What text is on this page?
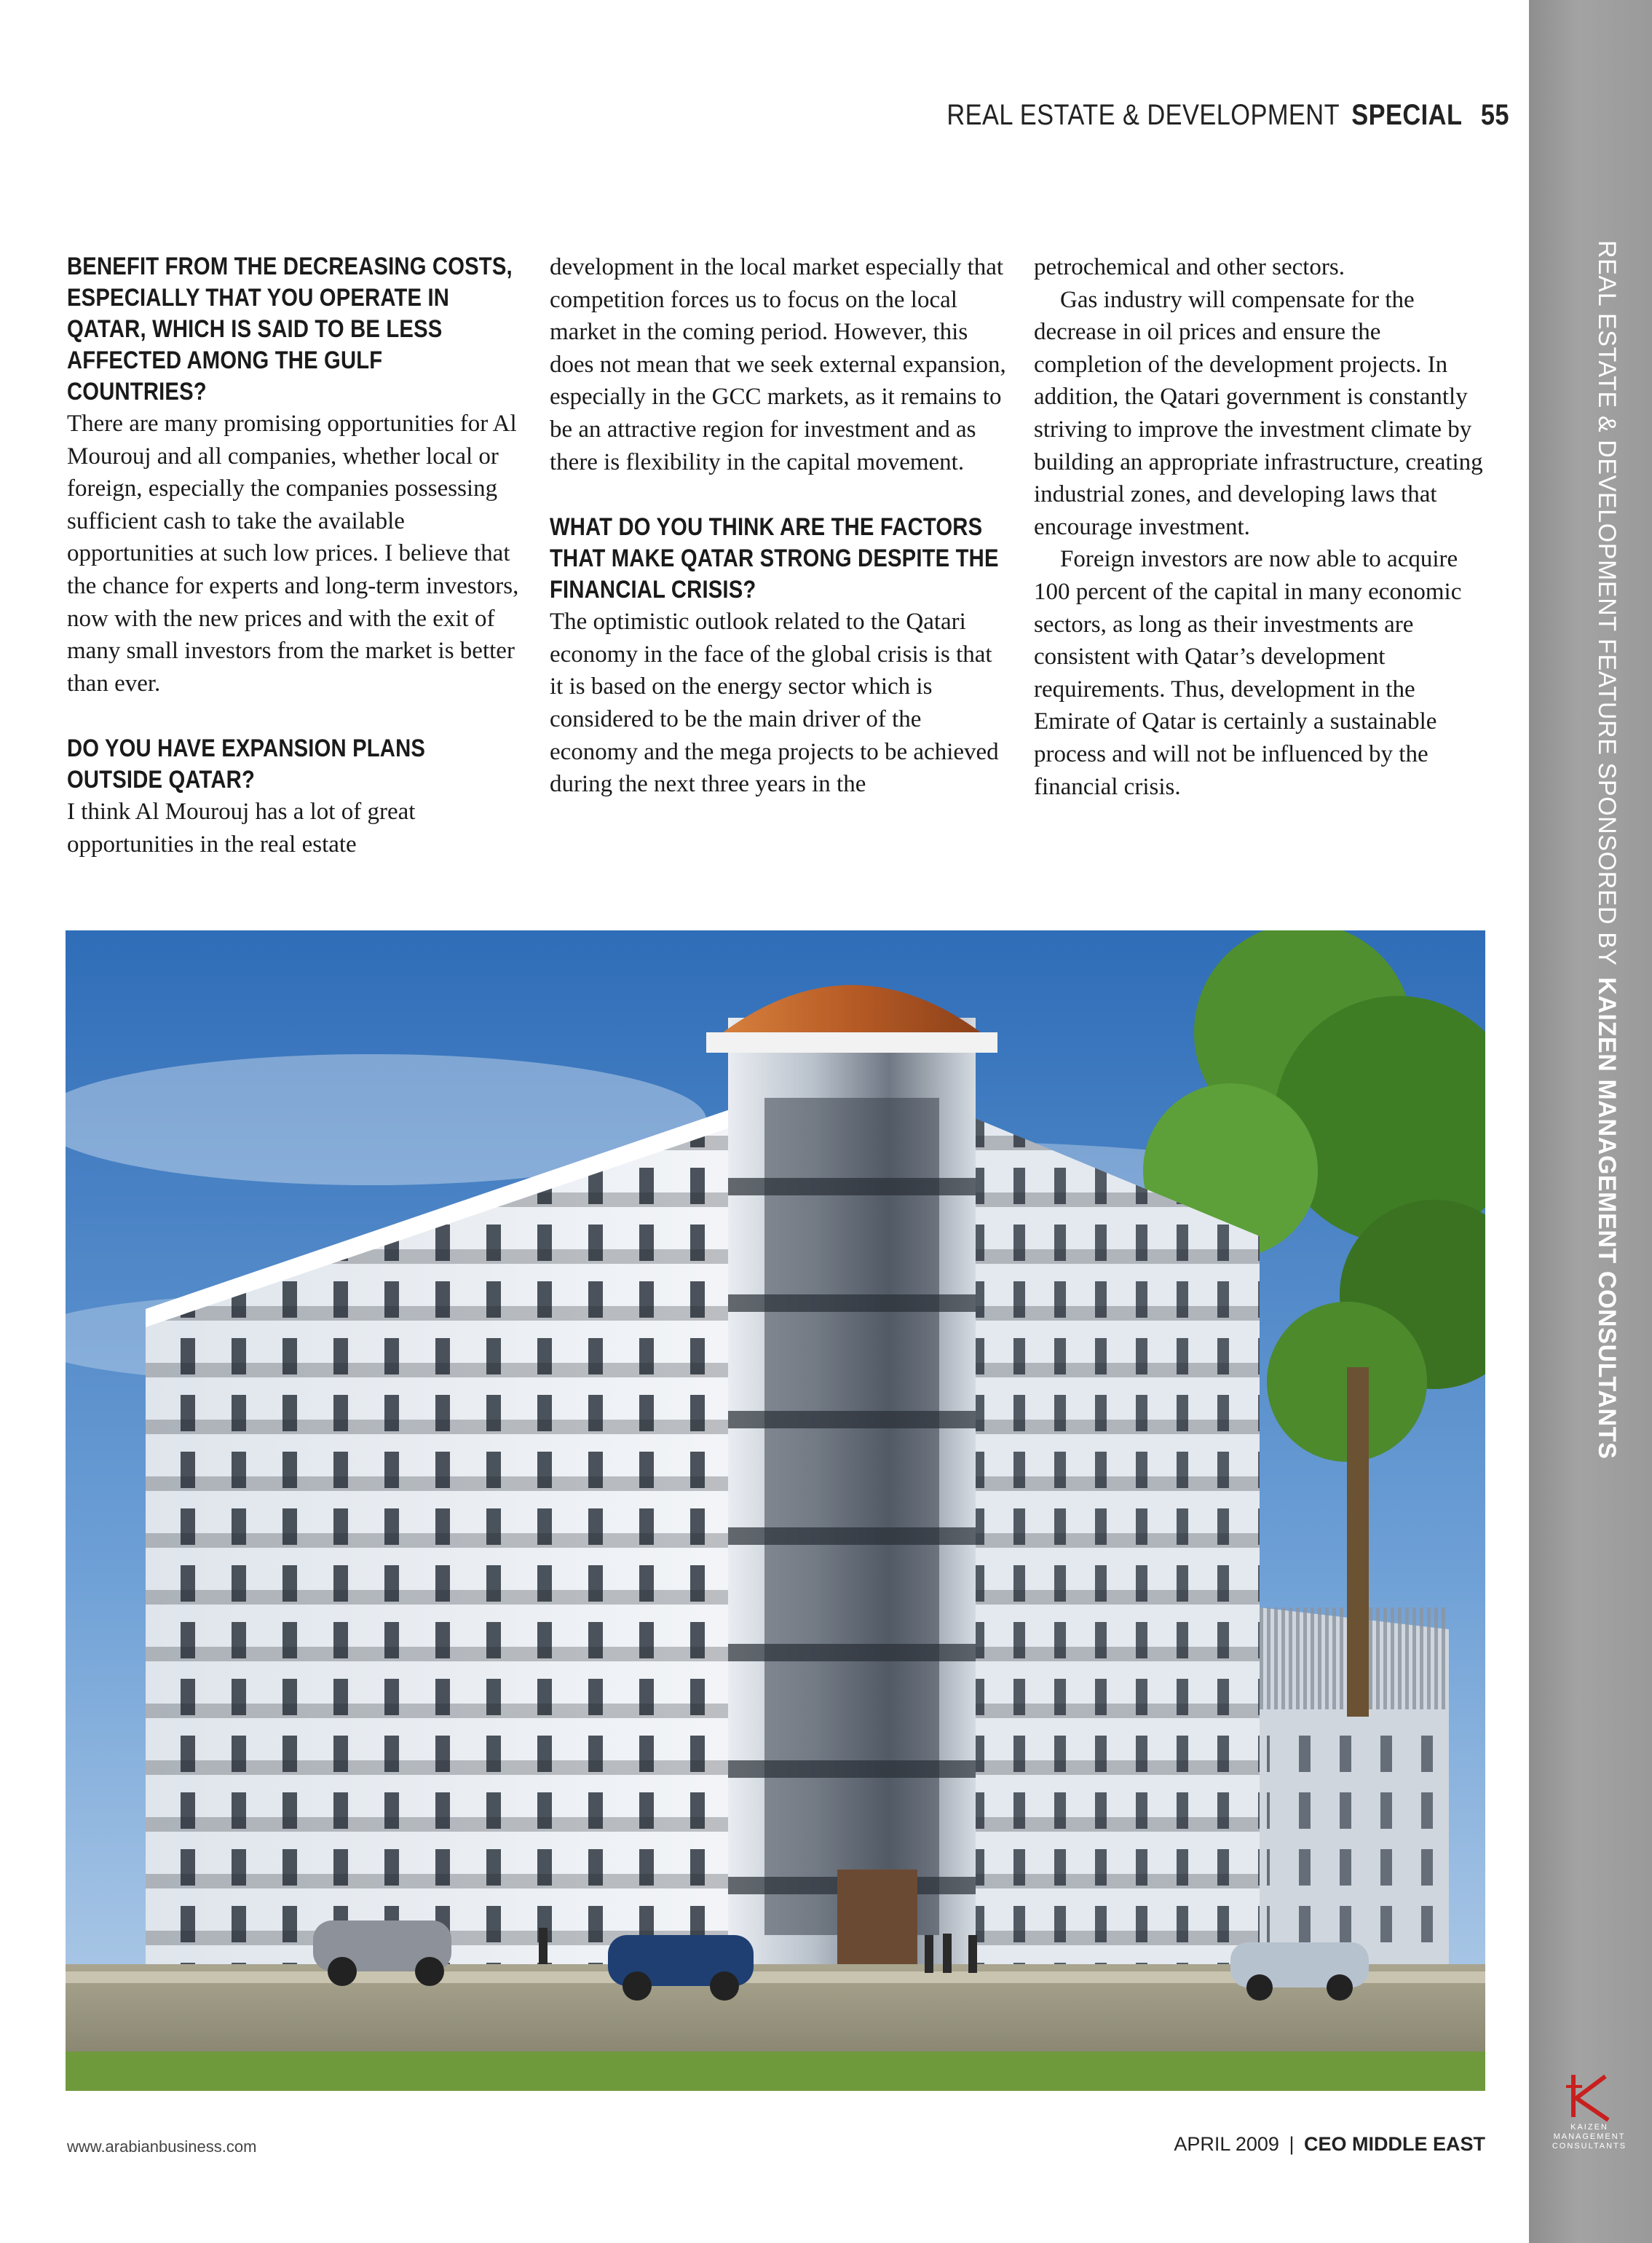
REAL ESTATE & DEVELOPMENT SPECIAL 55
REAL ESTATE & DEVELOPMENT FEATURE SPONSORED BY KAIZEN MANAGEMENT CONSULTANTS
BENEFIT FROM THE DECREASING COSTS, ESPECIALLY THAT YOU OPERATE IN QATAR, WHICH IS SAID TO BE LESS AFFECTED AMONG THE GULF COUNTRIES?

There are many promising opportunities for Al Mourouj and all companies, whether local or foreign, especially the companies possessing sufficient cash to take the available opportunities at such low prices. I believe that the chance for experts and long-term investors, now with the new prices and with the exit of many small investors from the market is better than ever.

DO YOU HAVE EXPANSION PLANS OUTSIDE QATAR?

I think Al Mourouj has a lot of great opportunities in the real estate

development in the local market especially that competition forces us to focus on the local market in the coming period. However, this does not mean that we seek external expansion, especially in the GCC markets, as it remains to be an attractive region for investment and as there is flexibility in the capital movement.

WHAT DO YOU THINK ARE THE FACTORS THAT MAKE QATAR STRONG DESPITE THE FINANCIAL CRISIS?

The optimistic outlook related to the Qatari economy in the face of the global crisis is that it is based on the energy sector which is considered to be the main driver of the economy and the mega projects to be achieved during the next three years in the

petrochemical and other sectors.

Gas industry will compensate for the decrease in oil prices and ensure the completion of the development projects. In addition, the Qatari government is constantly striving to improve the investment climate by building an appropriate infrastructure, creating industrial zones, and developing laws that encourage investment.

Foreign investors are now able to acquire 100 percent of the capital in many economic sectors, as long as their investments are consistent with Qatar’s development requirements. Thus, development in the Emirate of Qatar is certainly a sustainable process and will not be influenced by the financial crisis.

www.arabianbusiness.com	APRIL 2009 | CEO MIDDLE EAST
KAIZEN
MANAGEMENT
CONSULTANTS
